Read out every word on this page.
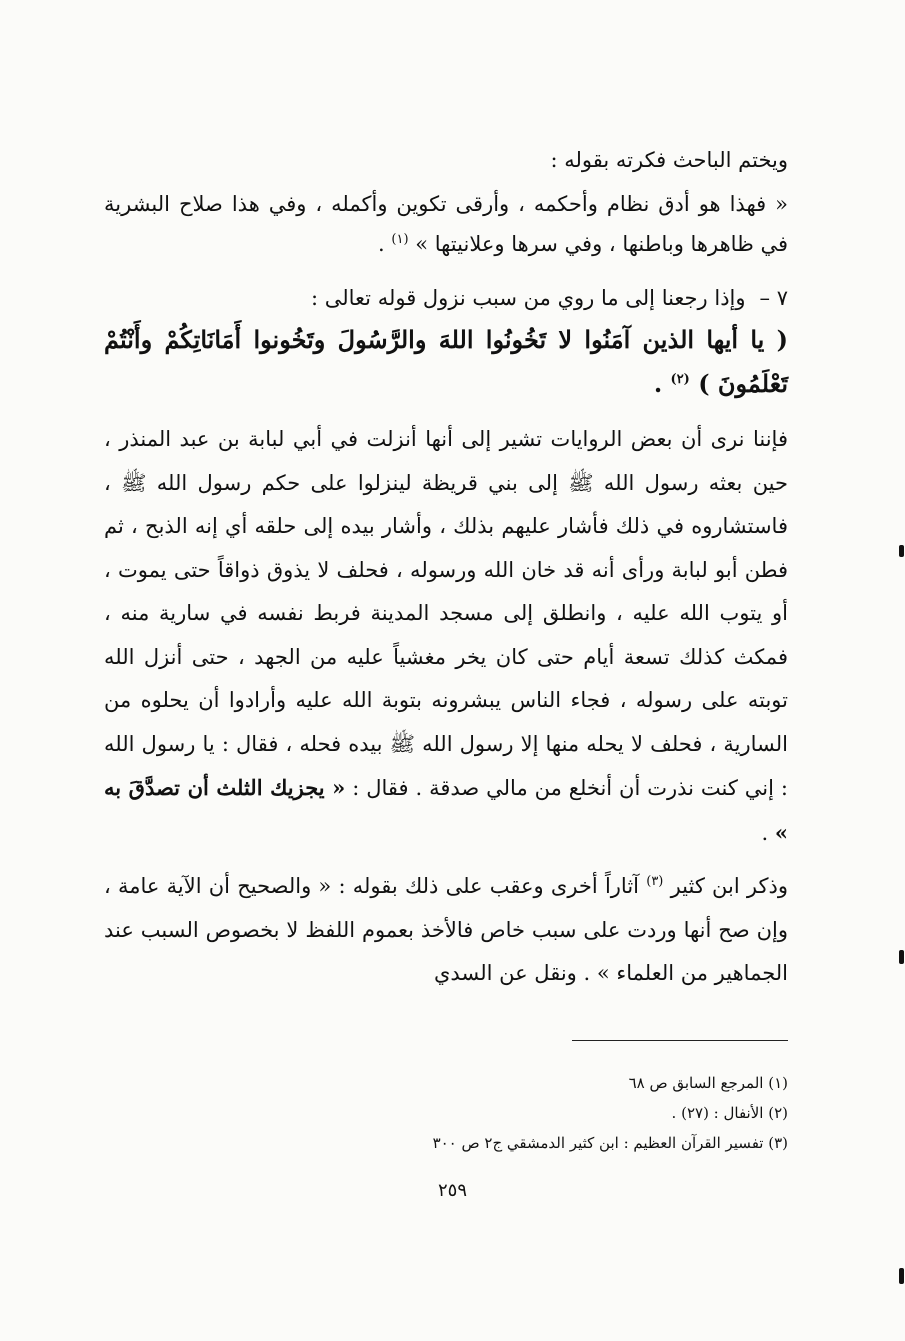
ويختم الباحث فكرته بقوله :

« فهذا هو أدق نظام وأحكمه ، وأرقى تكوين وأكمله ، وفي هذا صلاح البشرية في ظاهرها وباطنها ، وفي سرها وعلانيتها » $^{(١)}$ .

٧ –
وإذا رجعنا إلى ما روي من سبب نزول قوله تعالى :

( يا أيها الذين آمَنُوا لا تَخُونُوا اللهَ والرَّسُولَ وتَخُونوا أَمَانَاتِكُمْ وأَنْتُمْ تَعْلَمُونَ ) $^{(٢)}$ .

فإننا نرى أن بعض الروايات تشير إلى أنها أنزلت في أبي لبابة بن عبد المنذر ، حين بعثه رسول الله ﷺ إلى بني قريظة لينزلوا على حكم رسول الله ﷺ ، فاستشاروه في ذلك فأشار عليهم بذلك ، وأشار بيده إلى حلقه أي إنه الذبح ، ثم فطن أبو لبابة ورأى أنه قد خان الله ورسوله ، فحلف لا يذوق ذواقاً حتى يموت ، أو يتوب الله عليه ، وانطلق إلى مسجد المدينة فربط نفسه في سارية منه ، فمكث كذلك تسعة أيام حتى كان يخر مغشياً عليه من الجهد ، حتى أنزل الله توبته على رسوله ، فجاء الناس يبشرونه بتوبة الله عليه وأرادوا أن يحلوه من السارية ، فحلف لا يحله منها إلا رسول الله ﷺ بيده فحله ، فقال : يا رسول الله : إني كنت نذرت أن أنخلع من مالي صدقة . فقال : « يجزيك الثلث أن تصدَّقَ به » .

وذكر ابن كثير $^{(٣)}$ آثاراً أخرى وعقب على ذلك بقوله : « والصحيح أن الآية عامة ، وإن صح أنها وردت على سبب خاص فالأخذ بعموم اللفظ لا بخصوص السبب عند الجماهير من العلماء » . ونقل عن السدي

(١) المرجع السابق ص ٦٨

(٢) الأنفال : (٢٧) .

(٣) تفسير القرآن العظيم : ابن كثير الدمشقي ج٢ ص ٣٠٠

٢٥٩
